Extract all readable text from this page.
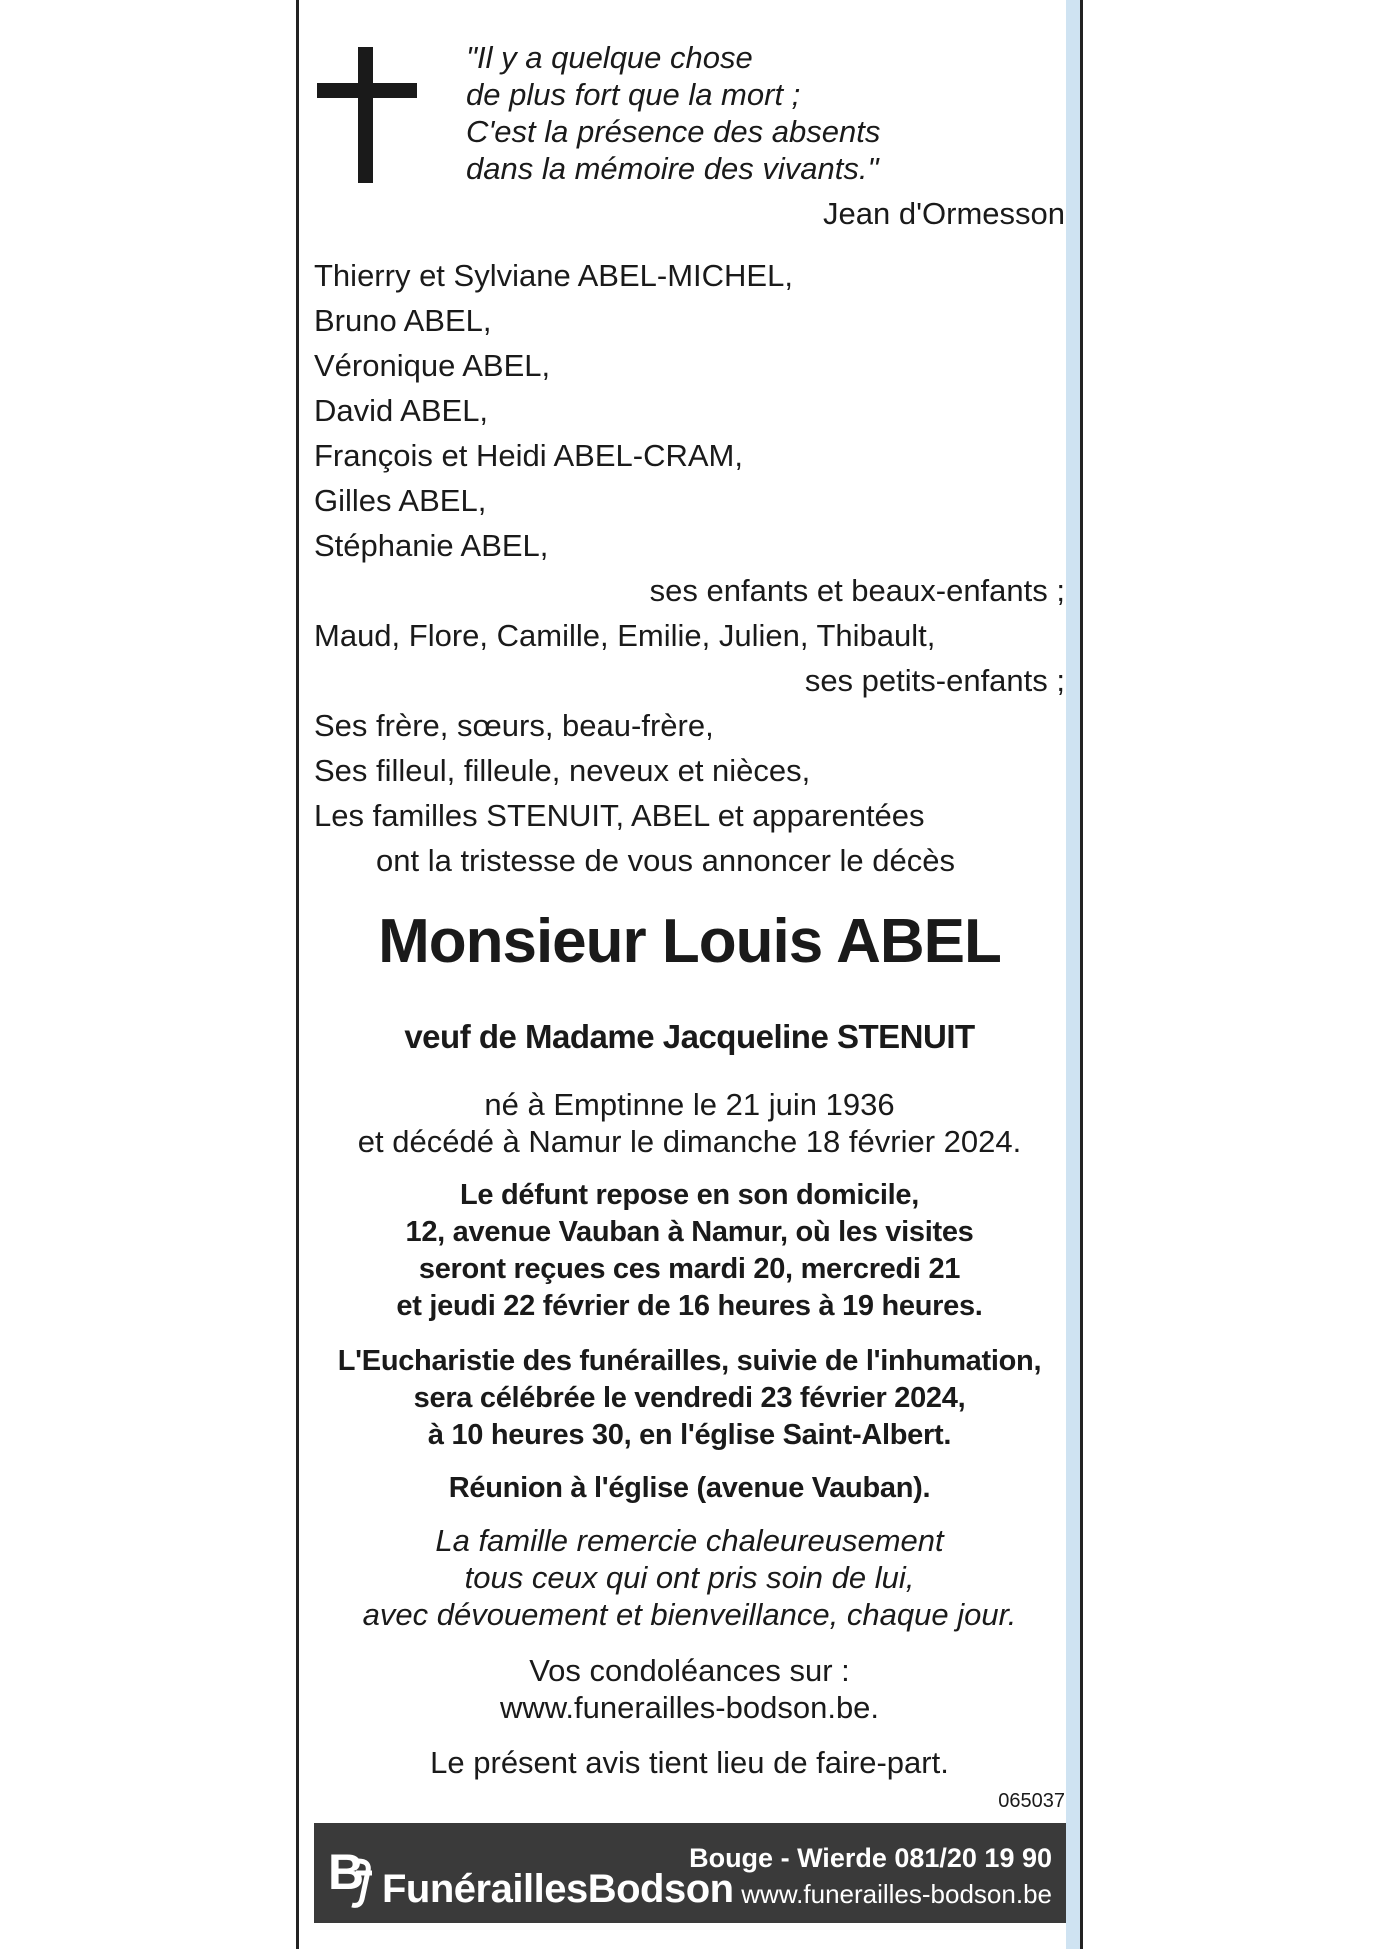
"Il y a quelque chose
de plus fort que la mort ;
C'est la présence des absents
dans la mémoire des vivants."
Jean d'Ormesson
Thierry et Sylviane ABEL-MICHEL,
Bruno ABEL,
Véronique ABEL,
David ABEL,
François et Heidi ABEL-CRAM,
Gilles ABEL,
Stéphanie ABEL,
ses enfants et beaux-enfants ;
Maud, Flore, Camille, Emilie, Julien, Thibault,
ses petits-enfants ;
Ses frère, sœurs, beau-frère,
Ses filleul, filleule, neveux et nièces,
Les familles STENUIT, ABEL et apparentées
ont la tristesse de vous annoncer le décès
Monsieur Louis ABEL
veuf de Madame Jacqueline STENUIT
né à Emptinne le 21 juin 1936
et décédé à Namur le dimanche 18 février 2024.
Le défunt repose en son domicile,
12, avenue Vauban à Namur, où les visites
seront reçues ces mardi 20, mercredi 21
et jeudi 22 février de 16 heures à 19 heures.
L'Eucharistie des funérailles, suivie de l'inhumation,
sera célébrée le vendredi 23 février 2024,
à 10 heures 30, en l'église Saint-Albert.
Réunion à l'église (avenue Vauban).
La famille remercie chaleureusement
tous ceux qui ont pris soin de lui,
avec dévouement et bienveillance, chaque jour.
Vos condoléances sur :
www.funerailles-bodson.be.
Le présent avis tient lieu de faire-part.
065037
B FunéraillesBodson
Bouge - Wierde 081/20 19 90
www.funerailles-bodson.be
